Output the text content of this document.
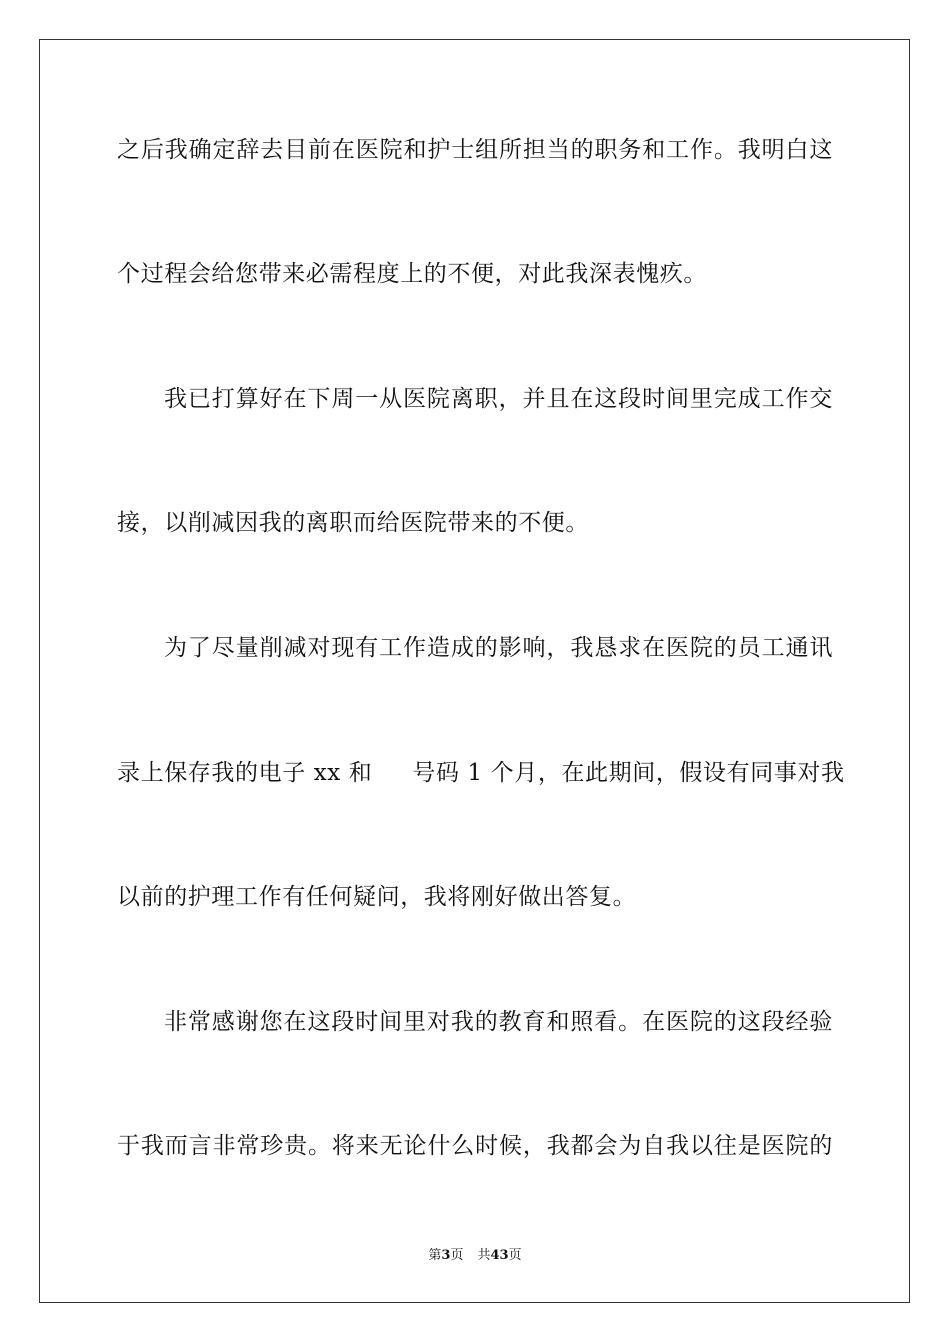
之后我确定辞去目前在医院和护士组所担当的职务和工作。我明白这
个过程会给您带来必需程度上的不便，对此我深表愧疚。
我已打算好在下周一从医院离职，并且在这段时间里完成工作交
接，以削减因我的离职而给医院带来的不便。
为了尽量削减对现有工作造成的影响，我恳求在医院的员工通讯
录上保存我的电子 xx 和 号码 1 个月，在此期间，假设有同事对我
以前的护理工作有任何疑问，我将刚好做出答复。
非常感谢您在这段时间里对我的教育和照看。在医院的这段经验
于我而言非常珍贵。将来无论什么时候，我都会为自我以往是医院的
第3页 共43页
